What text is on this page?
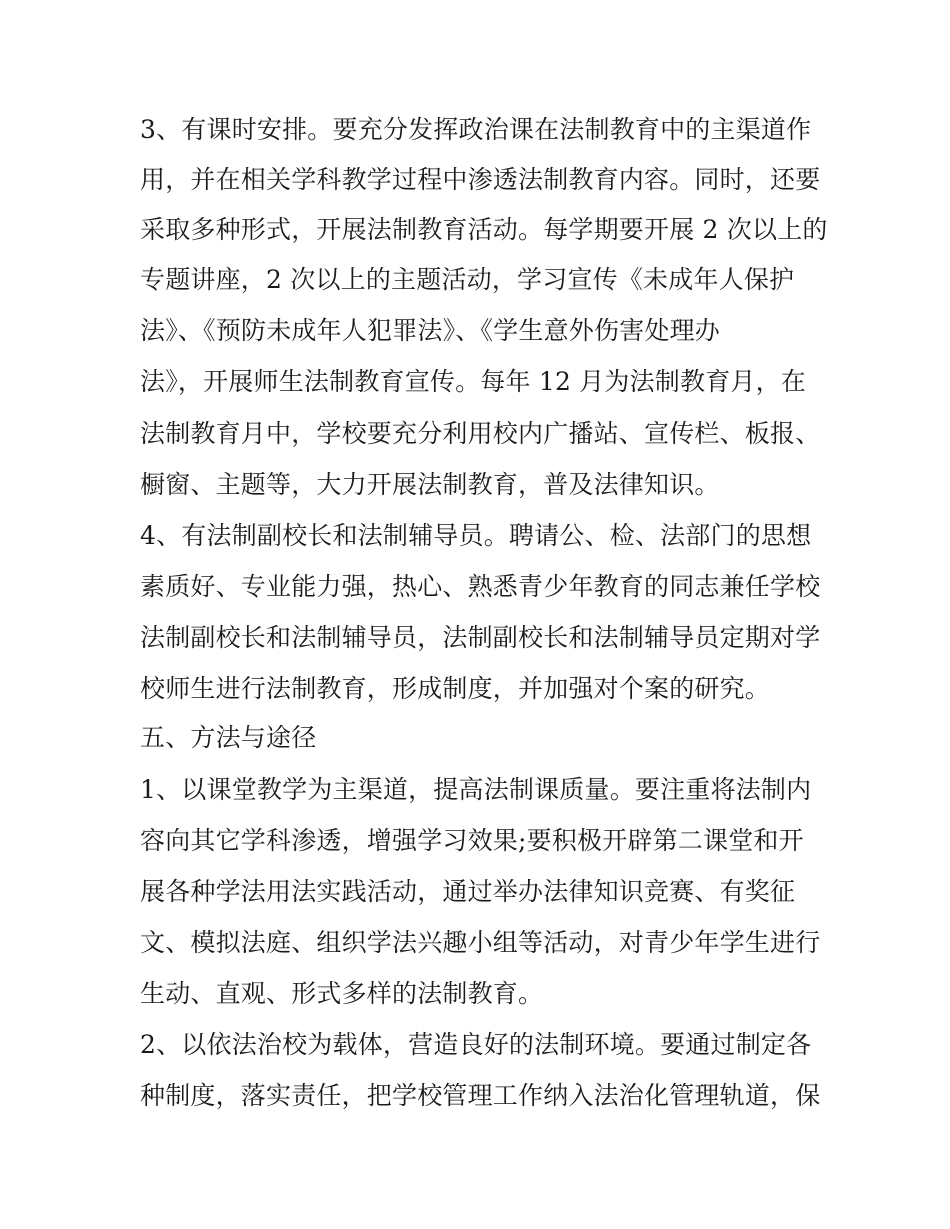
3、有课时安排。要充分发挥政治课在法制教育中的主渠道作
用，并在相关学科教学过程中渗透法制教育内容。同时，还要
采取多种形式，开展法制教育活动。每学期要开展 2 次以上的
专题讲座，2 次以上的主题活动，学习宣传《未成年人保护
法》、《预防未成年人犯罪法》、《学生意外伤害处理办
法》，开展师生法制教育宣传。每年 12 月为法制教育月，在
法制教育月中，学校要充分利用校内广播站、宣传栏、板报、
橱窗、主题等，大力开展法制教育，普及法律知识。
4、有法制副校长和法制辅导员。聘请公、检、法部门的思想
素质好、专业能力强，热心、熟悉青少年教育的同志兼任学校
法制副校长和法制辅导员，法制副校长和法制辅导员定期对学
校师生进行法制教育，形成制度，并加强对个案的研究。
五、方法与途径
1、以课堂教学为主渠道，提高法制课质量。要注重将法制内
容向其它学科渗透，增强学习效果;要积极开辟第二课堂和开
展各种学法用法实践活动，通过举办法律知识竞赛、有奖征
文、模拟法庭、组织学法兴趣小组等活动，对青少年学生进行
生动、直观、形式多样的法制教育。
2、以依法治校为载体，营造良好的法制环境。要通过制定各
种制度，落实责任，把学校管理工作纳入法治化管理轨道，保
